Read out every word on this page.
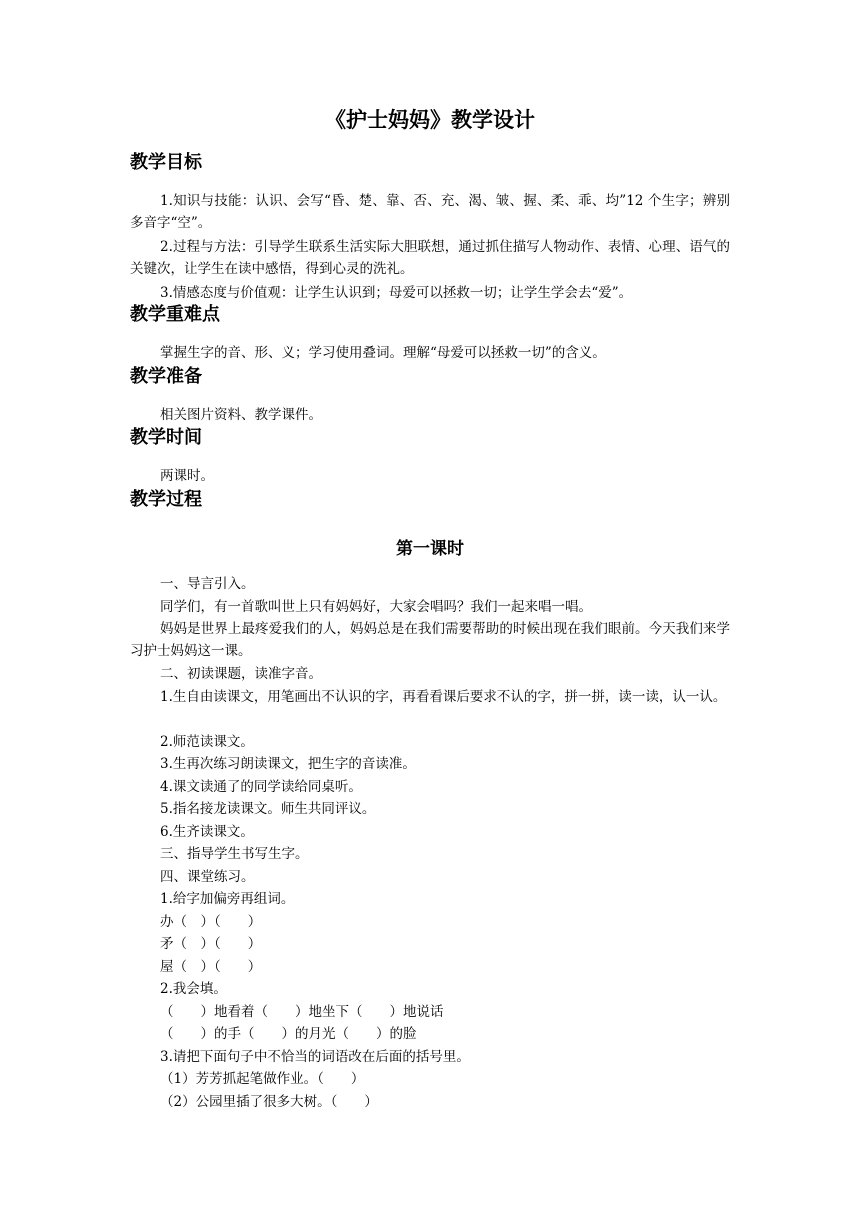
《护士妈妈》教学设计
教学目标
1.知识与技能：认识、会写“昏、楚、靠、否、充、渴、皱、握、柔、乖、均”12 个生字；辨别多音字“空”。
2.过程与方法：引导学生联系生活实际大胆联想，通过抓住描写人物动作、表情、心理、语气的关键次，让学生在读中感悟，得到心灵的洗礼。
3.情感态度与价值观：让学生认识到；母爱可以拯救一切；让学生学会去“爱”。
教学重难点
掌握生字的音、形、义；学习使用叠词。理解“母爱可以拯救一切”的含义。
教学准备
相关图片资料、教学课件。
教学时间
两课时。
教学过程
第一课时
一、导言引入。
同学们，有一首歌叫世上只有妈妈好，大家会唱吗？我们一起来唱一唱。
妈妈是世界上最疼爱我们的人，妈妈总是在我们需要帮助的时候出现在我们眼前。今天我们来学习护士妈妈这一课。
二、初读课题，读准字音。
1.生自由读课文，用笔画出不认识的字，再看看课后要求不认的字，拼一拼，读一读，认一认。
2.师范读课文。
3.生再次练习朗读课文，把生字的音读准。
4.课文读通了的同学读给同桌听。
5.指名接龙读课文。师生共同评议。
6.生齐读课文。
三、指导学生书写生字。
四、课堂练习。
1.给字加偏旁再组词。
办（　）（　　）
矛（　）（　　）
屋（　）（　　）
2.我会填。
（　　）地看着（　　）地坐下（　　）地说话
（　　）的手（　　）的月光（　　）的脸
3.请把下面句子中不恰当的词语改在后面的括号里。
（1）芳芳抓起笔做作业。（　　）
（2）公园里插了很多大树。（　　）
